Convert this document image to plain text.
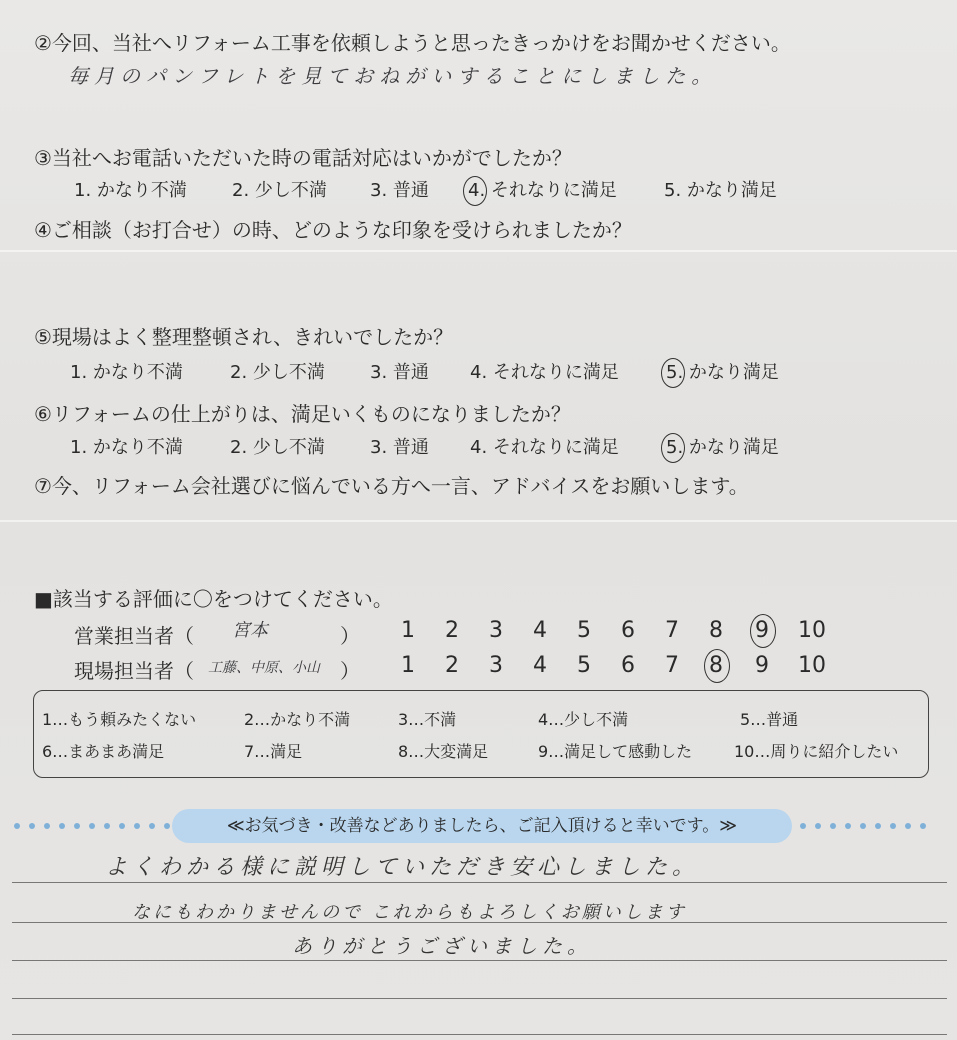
②今回、当社へリフォーム工事を依頼しようと思ったきっかけをお聞かせください。
毎月のパンフレトを見ておねがいすることにしました。
③当社へお電話いただいた時の電話対応はいかがでしたか？
1. かなり不満	2. 少し不満 3. 普通 4. それなりに満足	5. かなり満足
④ご相談（お打合せ）の時、どのような印象を受けられましたか？
⑤現場はよく整理整頓され、きれいでしたか？
1. かなり不満	2. 少し不満	3. 普通 4. それなりに満足	5. かなり満足
⑥リフォームの仕上がりは、満足いくものになりましたか？
1. かなり不満	2. 少し不満	3. 普通 4. それなりに満足	5. かなり満足
⑦今、リフォーム会社選びに悩んでいる方へ一言、アドバイスをお願いします。
■該当する評価に〇をつけてください。
営業担当者（ 宮本	）	1	2	3	4	5	6	7	8	9	10
現場担当者（ 工藤、中原、小山 ）	1	2	3	4	5	6	7	8	9	10
1…もう頼みたくない	2…かなり不満	3…不満	4…少し不満	5…普通
6…まあまあ満足	7…満足	8…大変満足	9…満足して感動した	10…周りに紹介したい
≪お気づき・改善などありましたら、ご記入頂けると幸いです。≫
よくわかる様に説明していただき安心しました。
なにもわかりませんので これからもよろしくお願いします
ありがとうございました。
